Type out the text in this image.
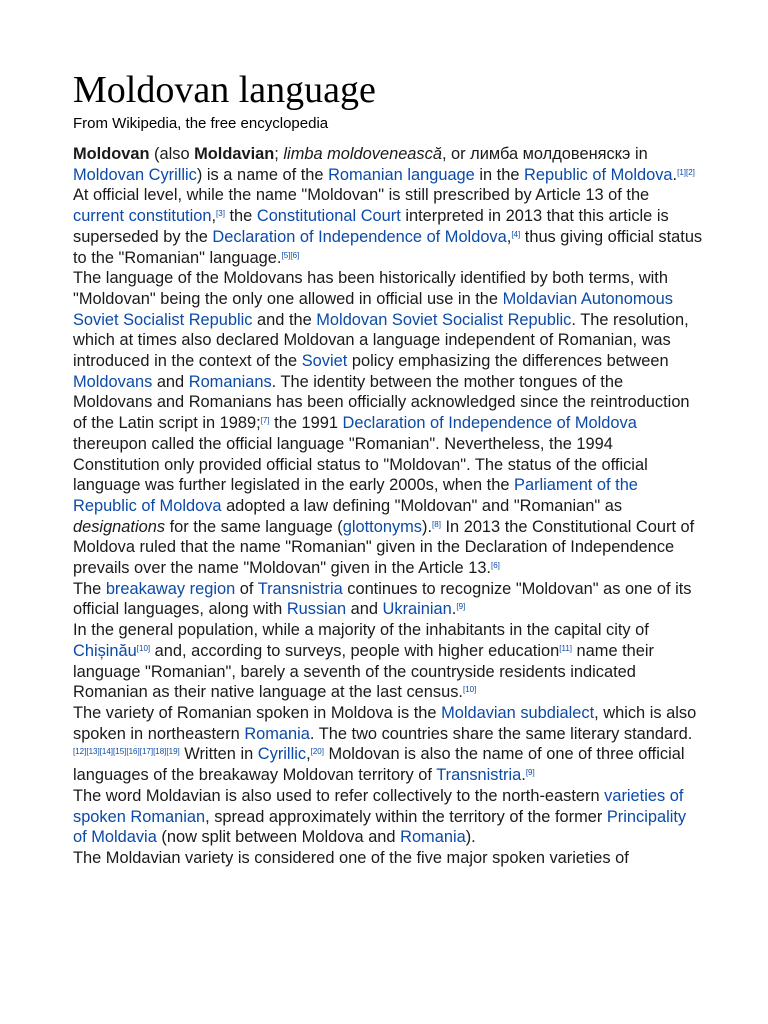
Moldovan language
From Wikipedia, the free encyclopedia

Moldovan (also Moldavian; limba moldovenească, or лимба молдовеняскэ in Moldovan Cyrillic) is a name of the Romanian language in the Republic of Moldova.[1][2]

At official level, while the name "Moldovan" is still prescribed by Article 13 of the current constitution,[3] the Constitutional Court interpreted in 2013 that this article is superseded by the Declaration of Independence of Moldova,[4] thus giving official status to the "Romanian" language.[5][6]

The language of the Moldovans has been historically identified by both terms, with "Moldovan" being the only one allowed in official use in the Moldavian Autonomous Soviet Socialist Republic and the Moldovan Soviet Socialist Republic. The resolution, which at times also declared Moldovan a language independent of Romanian, was introduced in the context of the Soviet policy emphasizing the differences between Moldovans and Romanians. The identity between the mother tongues of the Moldovans and Romanians has been officially acknowledged since the reintroduction of the Latin script in 1989;[7] the 1991 Declaration of Independence of Moldova thereupon called the official language "Romanian". Nevertheless, the 1994 Constitution only provided official status to "Moldovan". The status of the official language was further legislated in the early 2000s, when the Parliament of the Republic of Moldova adopted a law defining "Moldovan" and "Romanian" as designations for the same language (glottonyms).[8] In 2013 the Constitutional Court of Moldova ruled that the name "Romanian" given in the Declaration of Independence prevails over the name "Moldovan" given in the Article 13.[6]

The breakaway region of Transnistria continues to recognize "Moldovan" as one of its official languages, along with Russian and Ukrainian.[9]

In the general population, while a majority of the inhabitants in the capital city of Chișinău[10] and, according to surveys, people with higher education[11] name their language "Romanian", barely a seventh of the countryside residents indicated Romanian as their native language at the last census.[10]

The variety of Romanian spoken in Moldova is the Moldavian subdialect, which is also spoken in northeastern Romania. The two countries share the same literary standard.[12][13][14][15][16][17][18][19] Written in Cyrillic,[20] Moldovan is also the name of one of three official languages of the breakaway Moldovan territory of Transnistria.[9]

The word Moldavian is also used to refer collectively to the north-eastern varieties of spoken Romanian, spread approximately within the territory of the former Principality of Moldavia (now split between Moldova and Romania).

The Moldavian variety is considered one of the five major spoken varieties of
